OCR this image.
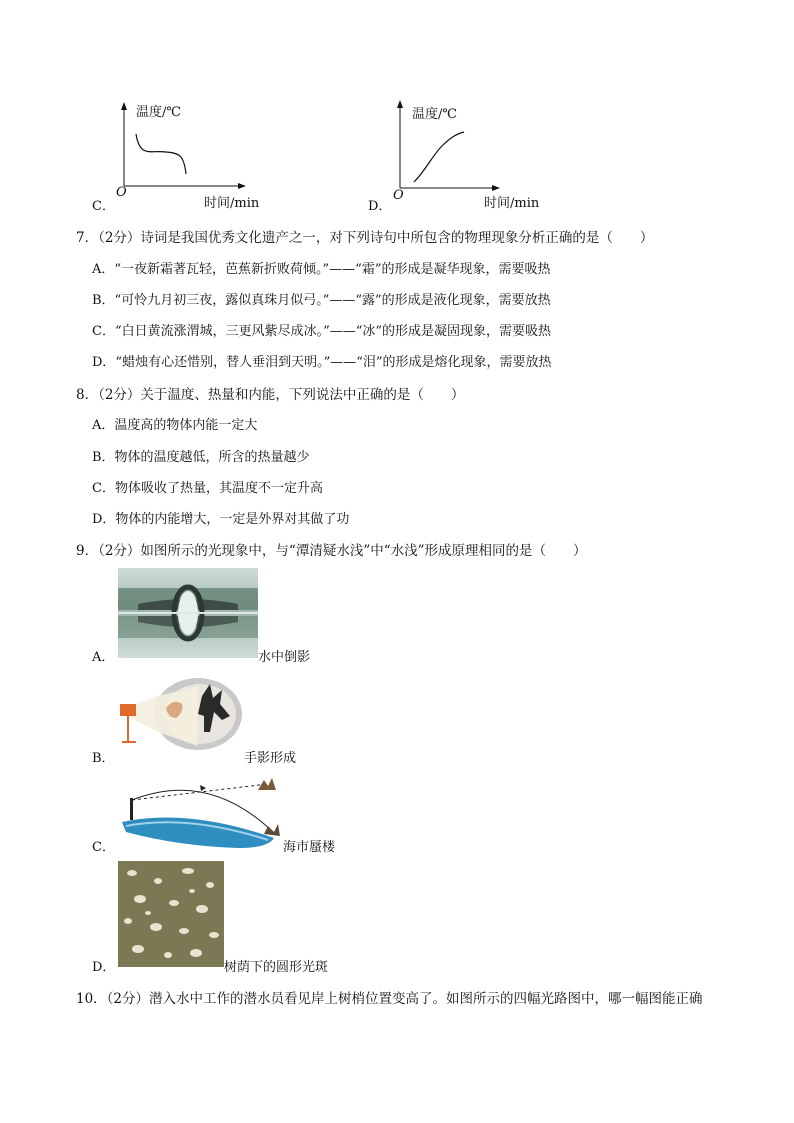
C．
温度/℃
O
时间/min	D．
温度/℃
O
时间/min
7．（2分）诗词是我国优秀文化遗产之一，对下列诗句中所包含的物理现象分析正确的是（　　）
A．“一夜新霜著瓦轻，芭蕉新折败荷倾。”——“霜”的形成是凝华现象，需要吸热
B．“可怜九月初三夜，露似真珠月似弓。”——“露”的形成是液化现象，需要放热
C．“白日黄流涨渭城，三更风紫尽成冰。”——“冰”的形成是凝固现象，需要吸热
D．“蜡烛有心还惜别，替人垂泪到天明。”——“泪”的形成是熔化现象，需要放热
8．（2分）关于温度、热量和内能，下列说法中正确的是（　　）
A．温度高的物体内能一定大
B．物体的温度越低，所含的热量越少
C．物体吸收了热量，其温度不一定升高
D．物体的内能增大，一定是外界对其做了功
9．（2分）如图所示的光现象中，与“潭清疑水浅”中“水浅”形成原理相同的是（　　）
A．	水中倒影
B．	手影形成
C．	海市蜃楼
D．	树荫下的圆形光斑
10．（2分）潜入水中工作的潜水员看见岸上树梢位置变高了。如图所示的四幅光路图中，哪一幅图能正确
